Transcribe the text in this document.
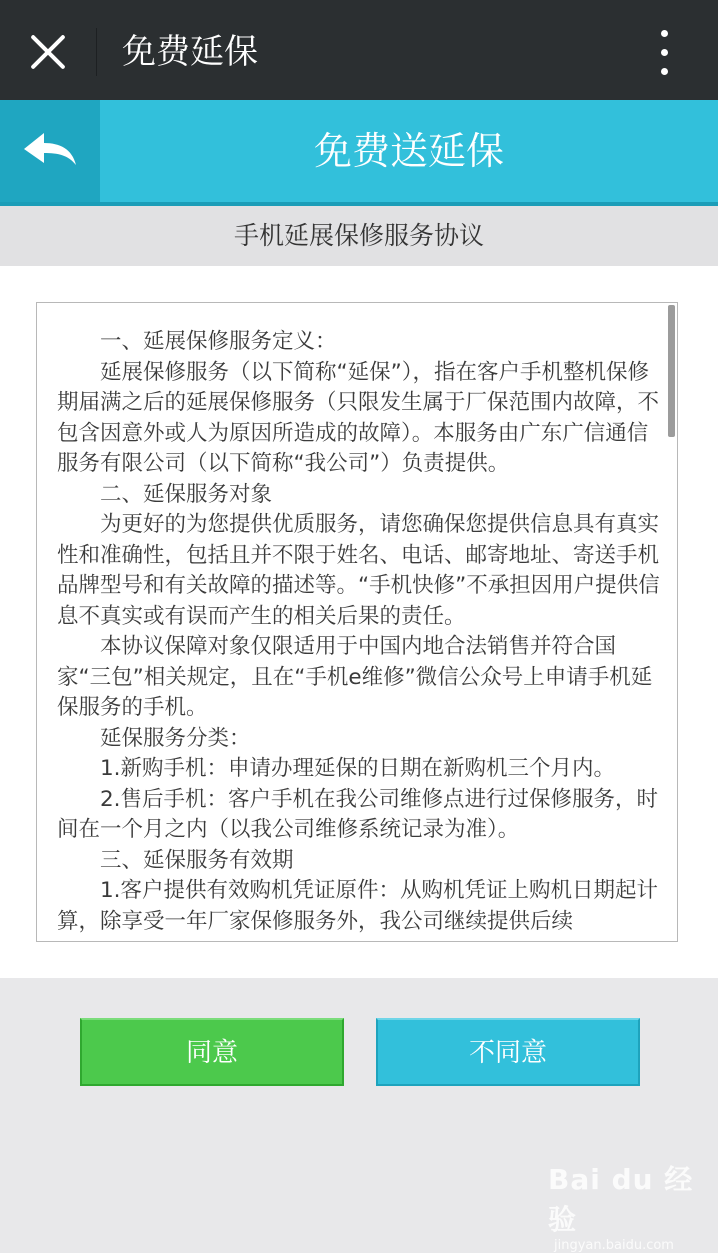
免费延保
免费送延保
手机延展保修服务协议

一、延展保修服务定义：

延展保修服务（以下简称“延保”），指在客户手机整机保修期届满之后的延展保修服务（只限发生属于厂保范围内故障，不包含因意外或人为原因所造成的故障）。本服务由广东广信通信服务有限公司（以下简称“我公司”）负责提供。

二、延保服务对象

为更好的为您提供优质服务，请您确保您提供信息具有真实性和准确性，包括且并不限于姓名、电话、邮寄地址、寄送手机品牌型号和有关故障的描述等。“手机快修”不承担因用户提供信息不真实或有误而产生的相关后果的责任。

本协议保障对象仅限适用于中国内地合法销售并符合国家“三包”相关规定，且在“手机e维修”微信公众号上申请手机延保服务的手机。

延保服务分类：

1.新购手机：申请办理延保的日期在新购机三个月内。

2.售后手机：客户手机在我公司维修点进行过保修服务，时间在一个月之内（以我公司维修系统记录为准）。

三、延保服务有效期

1.客户提供有效购机凭证原件：从购机凭证上购机日期起计算，除享受一年厂家保修服务外，我公司继续提供后续

同意	不同意
Bai du 经验
jingyan.baidu.com
